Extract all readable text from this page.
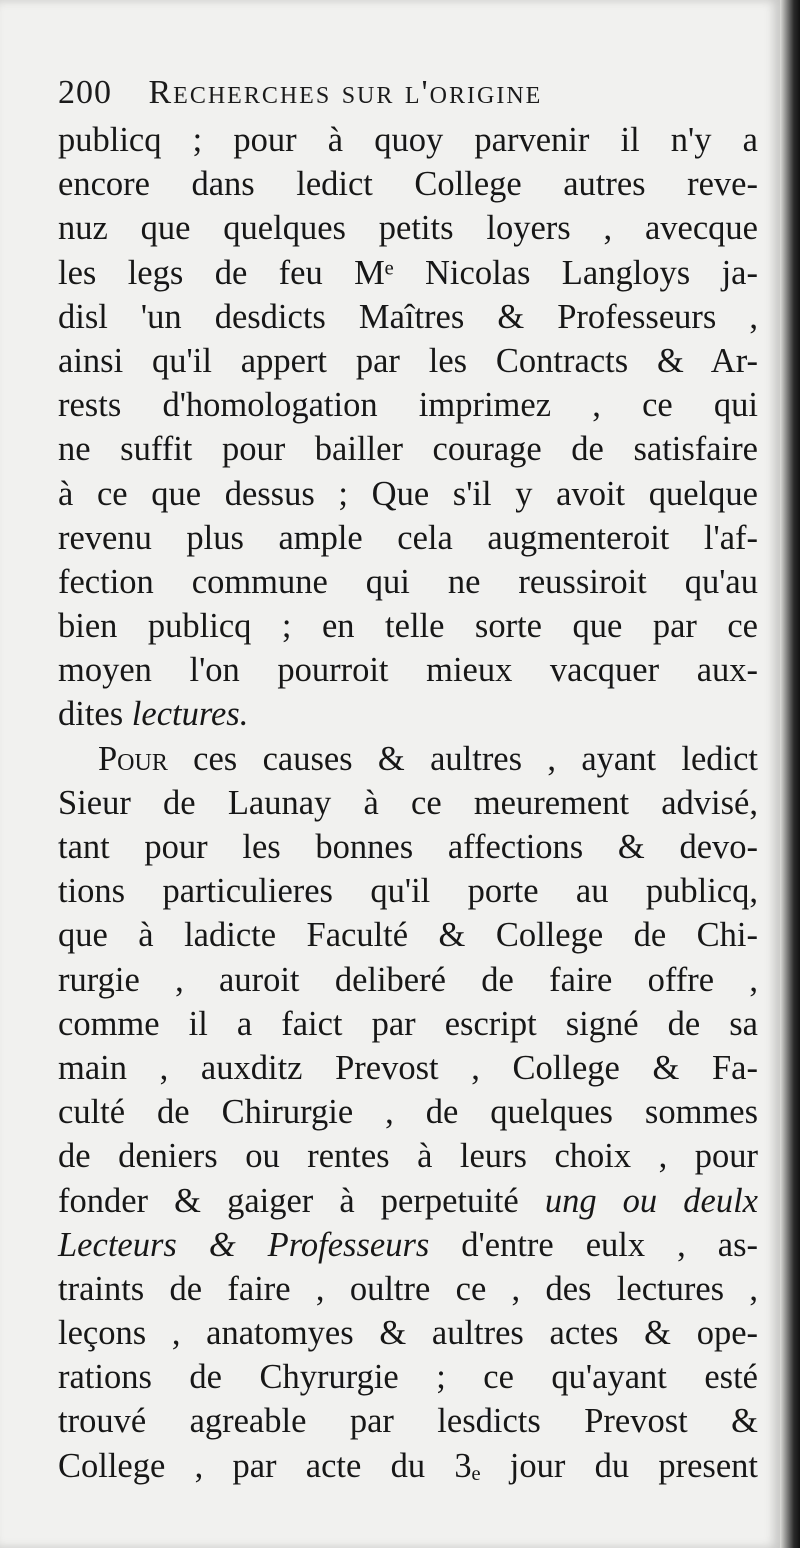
200 Recherches sur l'origine
publicq ; pour à quoy parvenir il n'y a
encore dans ledict College autres reve-
nuz que quelques petits loyers , avecque
les legs de feu Mᵉ Nicolas Langloys ja-
disl 'un desdicts Maîtres & Professeurs ,
ainsi qu'il appert par les Contracts & Ar-
rests d'homologation imprimez , ce qui
ne suffit pour bailler courage de satisfaire
à ce que dessus ; Que s'il y avoit quelque
revenu plus ample cela augmenteroit l'af-
fection commune qui ne reussiroit qu'au
bien publicq ; en telle sorte que par ce
moyen l'on pourroit mieux vacquer aux-
dites lectures.
Pour ces causes & aultres , ayant ledict
Sieur de Launay à ce meurement advisé,
tant pour les bonnes affections & devo-
tions particulieres qu'il porte au publicq,
que à ladicte Faculté & College de Chi-
rurgie , auroit deliberé de faire offre ,
comme il a faict par escript signé de sa
main , auxditz Prevost , College & Fa-
culté de Chirurgie , de quelques sommes
de deniers ou rentes à leurs choix , pour
fonder & gaiger à perpetuité ung ou deulx
Lecteurs & Professeurs d'entre eulx , as-
traints de faire , oultre ce , des lectures ,
leçons , anatomyes & aultres actes & ope-
rations de Chyrurgie ; ce qu'ayant esté
trouvé agreable par lesdicts Prevost &
College , par acte du 3ₑ jour du present
